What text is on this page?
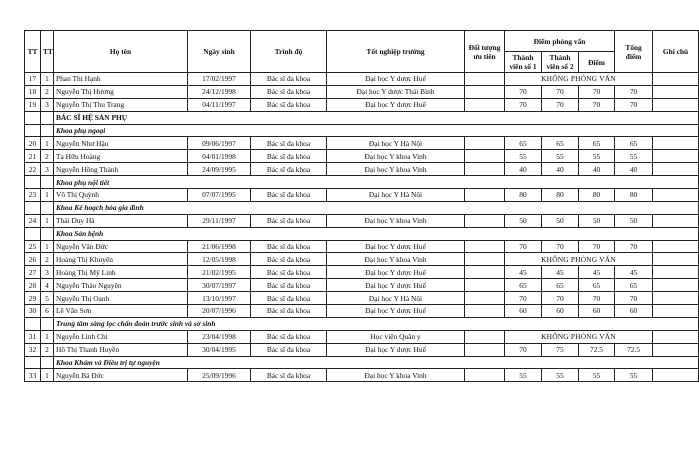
TT	TT	Họ tên	Ngày sinh	Trình độ	Tốt nghiệp trường	Đối tượng ưu tiên	Điểm phỏng vấn			Tổng điểm	Ghi chú
							Thành viên số 1	Thành viên số 2	Điểm		
17	1	Phan Thị Hạnh	17/02/1997	Bác sĩ đa khoa	Đại học Y dược Huế		KHÔNG PHỎNG VẤN				
18	2	Nguyễn Thị Hương	24/12/1998	Bác sĩ đa khoa	Đại học Y dược Thái Bình		70	70	70	70	
19	3	Nguyễn Thị Thu Trang	04/11/1997	Bác sĩ đa khoa	Đại học Y dược Huế		70	70	70	70	
		BÁC SĨ HỆ SẢN PHỤ									
		Khoa phụ ngoại									
20	1	Nguyễn Như Hậu	09/06/1997	Bác sĩ đa khoa	Đại học Y Hà Nội		65	65	65	65	
21	2	Tạ Hữu Hoàng	04/01/1998	Bác sĩ đa khoa	Đại học Y khoa Vinh		55	55	55	55	
22	3	Nguyễn Hồng Thành	24/09/1995	Bác sĩ đa khoa	Đại học Y khoa Vinh		40	40	40	40	
		Khoa phụ nội tiết									
23	1	Võ Thị Quỳnh	07/07/1995	Bác sĩ đa khoa	Đại học Y Hà Nội		80	80	80	80	
		Khoa Kế hoạch hóa gia đình									
24	1	Thái Duy Hà	29/11/1997	Bác sĩ đa khoa	Đại học Y khoa Vinh		50	50	50	50	
		Khoa Sản bệnh									
25	1	Nguyễn Văn Đức	21/06/1998	Bác sĩ đa khoa	Đại học Y dược Huế		70	70	70	70	
26	2	Hoàng Thị Khuyên	12/05/1998	Bác sĩ đa khoa	Đại học Y khoa Vinh		KHÔNG PHỎNG VẤN				
27	3	Hoàng Thị Mỹ Linh	21/02/1995	Bác sĩ đa khoa	Đại học Y dược Huế		45	45	45	45	
28	4	Nguyễn Thảo Nguyên	30/07/1997	Bác sĩ đa khoa	Đại học Y dược Huế		65	65	65	65	
29	5	Nguyễn Thị Oanh	13/10/1997	Bác sĩ đa khoa	Đại học Y Hà Nội		70	70	70	70	
30	6	Lê Văn Sơn	20/07/1996	Bác sĩ đa khoa	Đại học Y dược Huế		60	60	60	60	
		Trung tâm sàng lọc chẩn đoán trước sinh và sơ sinh									
31	1	Nguyễn Linh Chi	23/04/1998	Bác sĩ đa khoa	Học viện Quân y		KHÔNG PHỎNG VẤN				
32	2	Hồ Thị Thanh Huyền	30/04/1995	Bác sĩ đa khoa	Đại học Y dược Huế		70	75	72.5	72.5	
		Khoa Khám và Điều trị tự nguyện									
33	1	Nguyễn Bá Đức	25/09/1996	Bác sĩ đa khoa	Đại học Y khoa Vinh		55	55	55	55	
